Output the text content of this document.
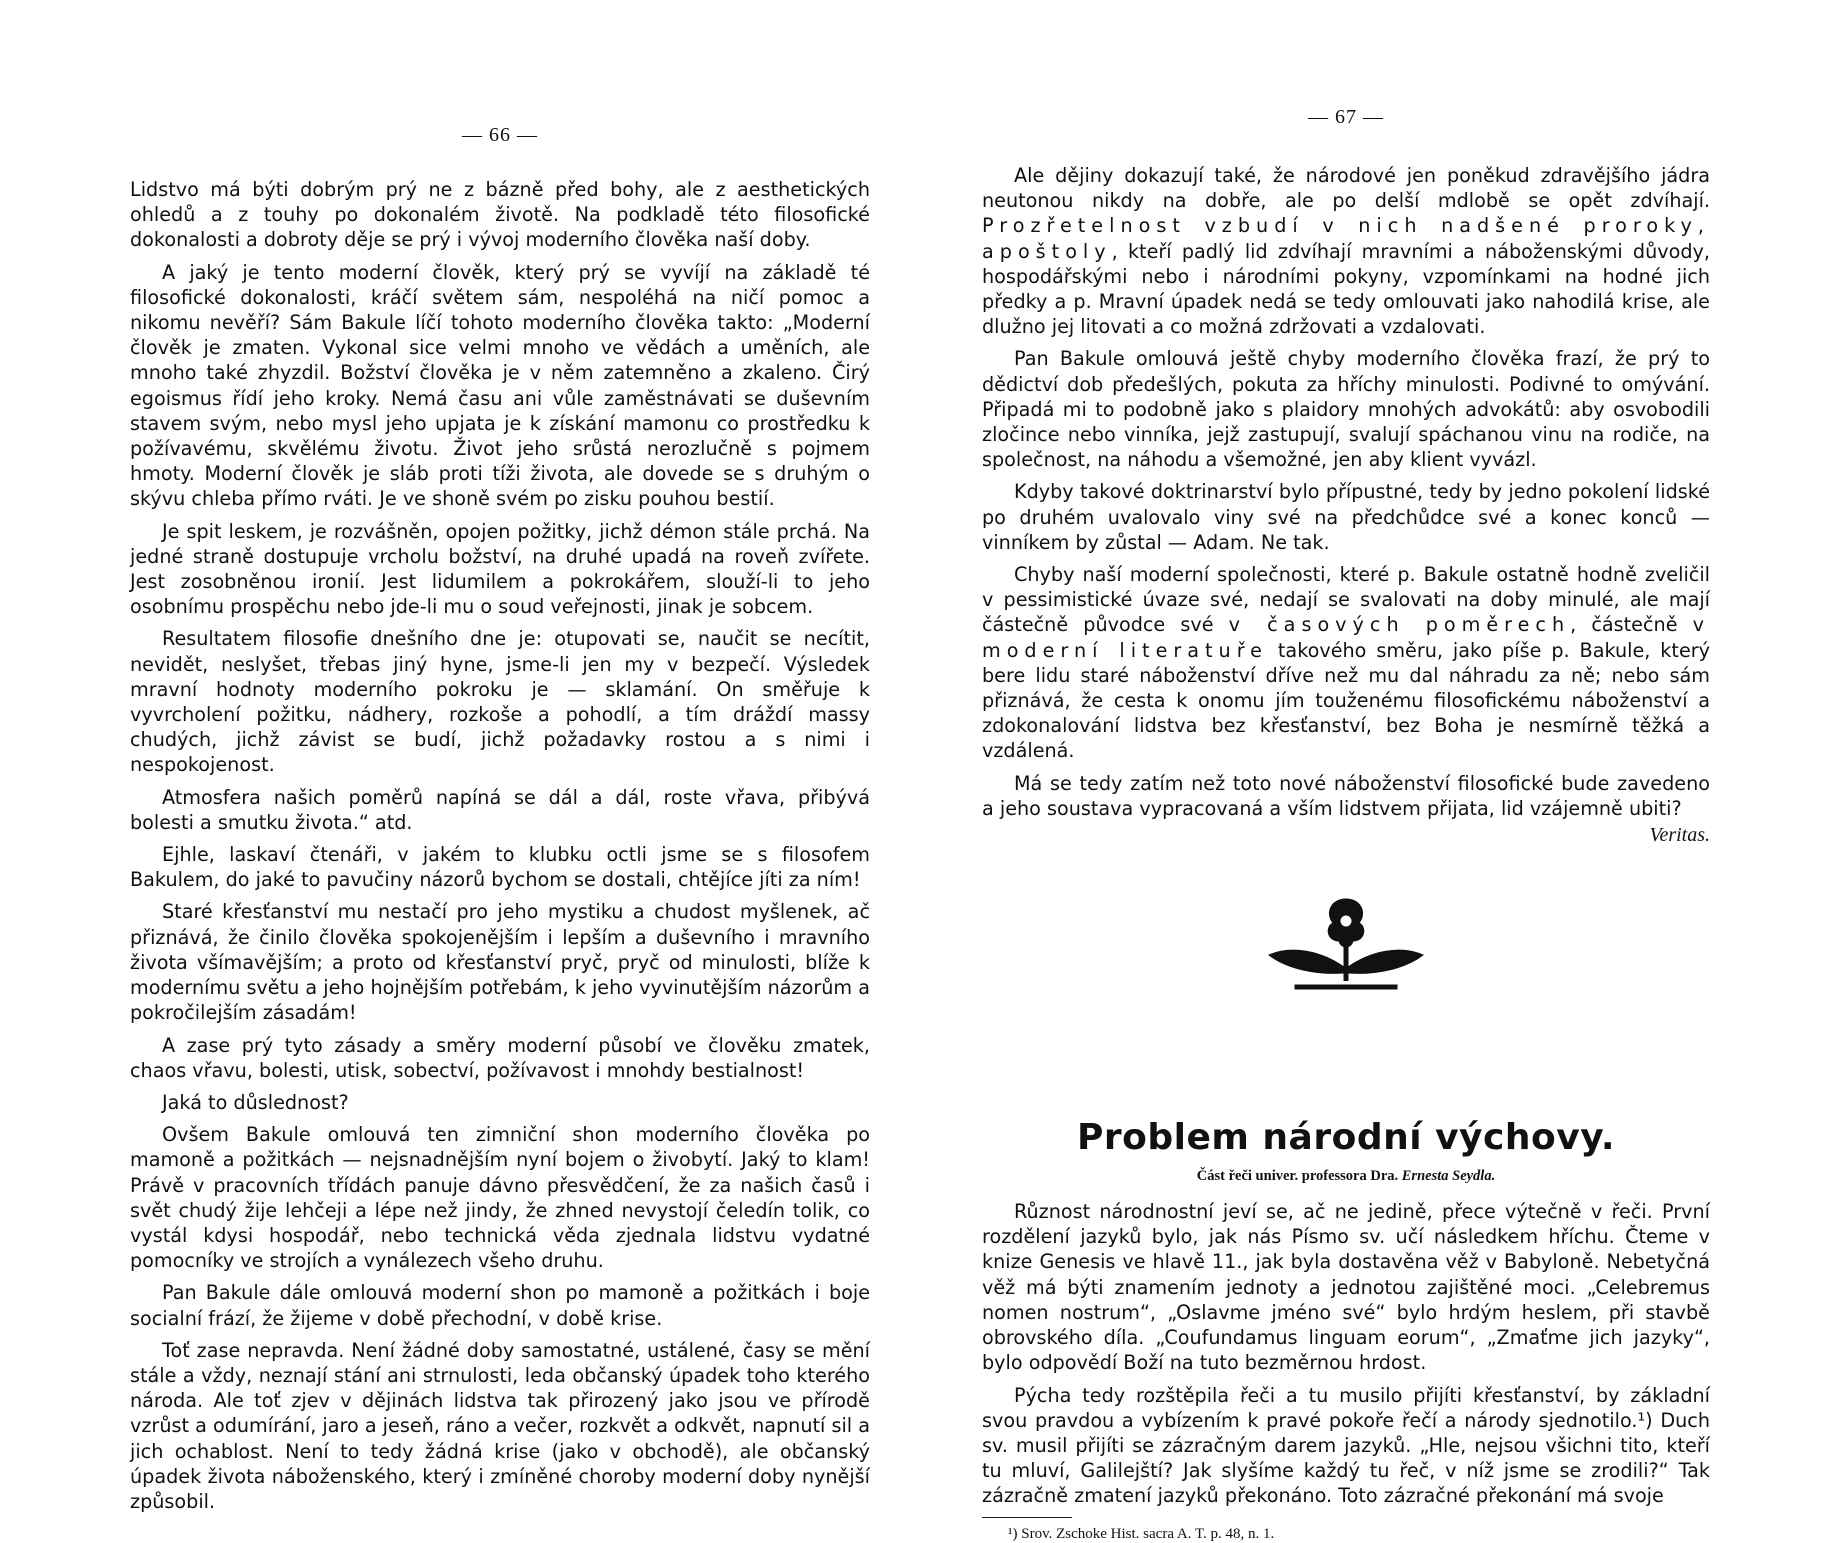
— 66 —

Lidstvo má býti dobrým prý ne z bázně před bohy, ale z aesthetických ohledů a z touhy po dokonalém životě. Na podkladě této filosofické dokonalosti a dobroty děje se prý i vývoj moderního člověka naší doby.

A jaký je tento moderní člověk, který prý se vyvíjí na základě té filosofické dokonalosti, kráčí světem sám, nespoléhá na ničí pomoc a nikomu nevěří? Sám Bakule líčí tohoto moderního člověka takto: „Moderní člověk je zmaten. Vykonal sice velmi mnoho ve vědách a uměních, ale mnoho také zhyzdil. Božství člověka je v něm zatemněno a zkaleno. Čirý egoismus řídí jeho kroky. Nemá času ani vůle zaměstnávati se duševním stavem svým, nebo mysl jeho upjata je k získání mamonu co prostředku k požívavému, skvělému životu. Život jeho srůstá nerozlučně s pojmem hmoty. Moderní člověk je sláb proti tíži života, ale dovede se s druhým o skývu chleba přímo rváti. Je ve shoně svém po zisku pouhou bestií.

Je spit leskem, je rozvášněn, opojen požitky, jichž démon stále prchá. Na jedné straně dostupuje vrcholu božství, na druhé upadá na roveň zvířete. Jest zosobněnou ironií. Jest lidumilem a pokrokářem, slouží-li to jeho osobnímu prospěchu nebo jde-li mu o soud veřejnosti, jinak je sobcem.

Resultatem filosofie dnešního dne je: otupovati se, naučit se necítit, nevidět, neslyšet, třebas jiný hyne, jsme-li jen my v bezpečí. Výsledek mravní hodnoty moderního pokroku je — sklamání. On směřuje k vyvrcholení požitku, nádhery, rozkoše a pohodlí, a tím dráždí massy chudých, jichž závist se budí, jichž požadavky rostou a s nimi i nespokojenost.

Atmosfera našich poměrů napíná se dál a dál, roste vřava, přibývá bolesti a smutku života.“ atd.

Ejhle, laskaví čtenáři, v jakém to klubku octli jsme se s filosofem Bakulem, do jaké to pavučiny názorů bychom se dostali, chtějíce jíti za ním!

Staré křesťanství mu nestačí pro jeho mystiku a chudost myšlenek, ač přiznává, že činilo člověka spokojenějším i lepším a duševního i mravního života všímavějším; a proto od křesťanství pryč, pryč od minulosti, blíže k modernímu světu a jeho hojnějším potřebám, k jeho vyvinutějším názorům a pokročilejším zásadám!

A zase prý tyto zásady a směry moderní působí ve člověku zmatek, chaos vřavu, bolesti, utisk, sobectví, požívavost i mnohdy bestialnost!

Jaká to důslednost?

Ovšem Bakule omlouvá ten zimniční shon moderního člověka po mamoně a požitkách — nejsnadnějším nyní bojem o živobytí. Jaký to klam! Právě v pracovních třídách panuje dávno přesvědčení, že za našich časů i svět chudý žije lehčeji a lépe než jindy, že zhned nevystojí čeledín tolik, co vystál kdysi hospodář, nebo technická věda zjednala lidstvu vydatné pomocníky ve strojích a vynálezech všeho druhu.

Pan Bakule dále omlouvá moderní shon po mamoně a požitkách i boje socialní frází, že žijeme v době přechodní, v době krise.

Toť zase nepravda. Není žádné doby samostatné, ustálené, časy se mění stále a vždy, neznají stání ani strnulosti, leda občanský úpadek toho kterého národa. Ale toť zjev v dějinách lidstva tak přirozený jako jsou ve přírodě vzrůst a odumírání, jaro a jeseň, ráno a večer, rozkvět a odkvět, napnutí sil a jich ochablost. Není to tedy žádná krise (jako v obchodě), ale občanský úpadek života náboženského, který i zmíněné choroby moderní doby nynější způsobil.

— 67 —

Ale dějiny dokazují také, že národové jen poněkud zdravějšího jádra neutonou nikdy na dobře, ale po delší mdlobě se opět zdvíhají. Prozřetelnost vzbudí v nich nadšené proroky, apoštoly, kteří padlý lid zdvíhají mravními a náboženskými důvody, hospodářskými nebo i národními pokyny, vzpomínkami na hodné jich předky a p. Mravní úpadek nedá se tedy omlouvati jako nahodilá krise, ale dlužno jej litovati a co možná zdržovati a vzdalovati.

Pan Bakule omlouvá ještě chyby moderního člověka frazí, že prý to dědictví dob předešlých, pokuta za hříchy minulosti. Podivné to omývání. Připadá mi to podobně jako s plaidory mnohých advokátů: aby osvobodili zločince nebo vinníka, jejž zastupují, svalují spáchanou vinu na rodiče, na společnost, na náhodu a všemožné, jen aby klient vyvázl.

Kdyby takové doktrinarství bylo přípustné, tedy by jedno pokolení lidské po druhém uvalovalo viny své na předchůdce své a konec konců — vinníkem by zůstal — Adam. Ne tak.

Chyby naší moderní společnosti, které p. Bakule ostatně hodně zveličil v pessimistické úvaze své, nedají se svalovati na doby minulé, ale mají částečně původce své v časových poměrech, částečně v moderní literatuře takového směru, jako píše p. Bakule, který bere lidu staré náboženství dříve než mu dal náhradu za ně; nebo sám přiznává, že cesta k onomu jím touženému filosofickému náboženství a zdokonalování lidstva bez křesťanství, bez Boha je nesmírně těžká a vzdálená.

Má se tedy zatím než toto nové náboženství filosofické bude zavedeno a jeho soustava vypracovaná a vším lidstvem přijata, lid vzájemně ubiti?

Veritas.
Problem národní výchovy.
Část řeči univer. professora Dra. Ernesta Seydla.

Různost národnostní jeví se, ač ne jedině, přece výtečně v řeči. První rozdělení jazyků bylo, jak nás Písmo sv. učí následkem hříchu. Čteme v knize Genesis ve hlavě 11., jak byla dostavěna věž v Babyloně. Nebetyčná věž má býti znamením jednoty a jednotou zajištěné moci. „Celebremus nomen nostrum“, „Oslavme jméno své“ bylo hrdým heslem, při stavbě obrovského díla. „Coufundamus linguam eorum“, „Zmaťme jich jazyky“, bylo odpovědí Boží na tuto bezměrnou hrdost.

Pýcha tedy rozštěpila řeči a tu musilo přijíti křesťanství, by základní svou pravdou a vybízením k pravé pokoře řečí a národy sjednotilo.¹) Duch sv. musil přijíti se zázračným darem jazyků. „Hle, nejsou všichni tito, kteří tu mluví, Galilejští? Jak slyšíme každý tu řeč, v níž jsme se zrodili?“ Tak zázračně zmatení jazyků překonáno. Toto zázračné překonání má svoje

¹) Srov. Zschoke Hist. sacra A. T. p. 48, n. 1.
